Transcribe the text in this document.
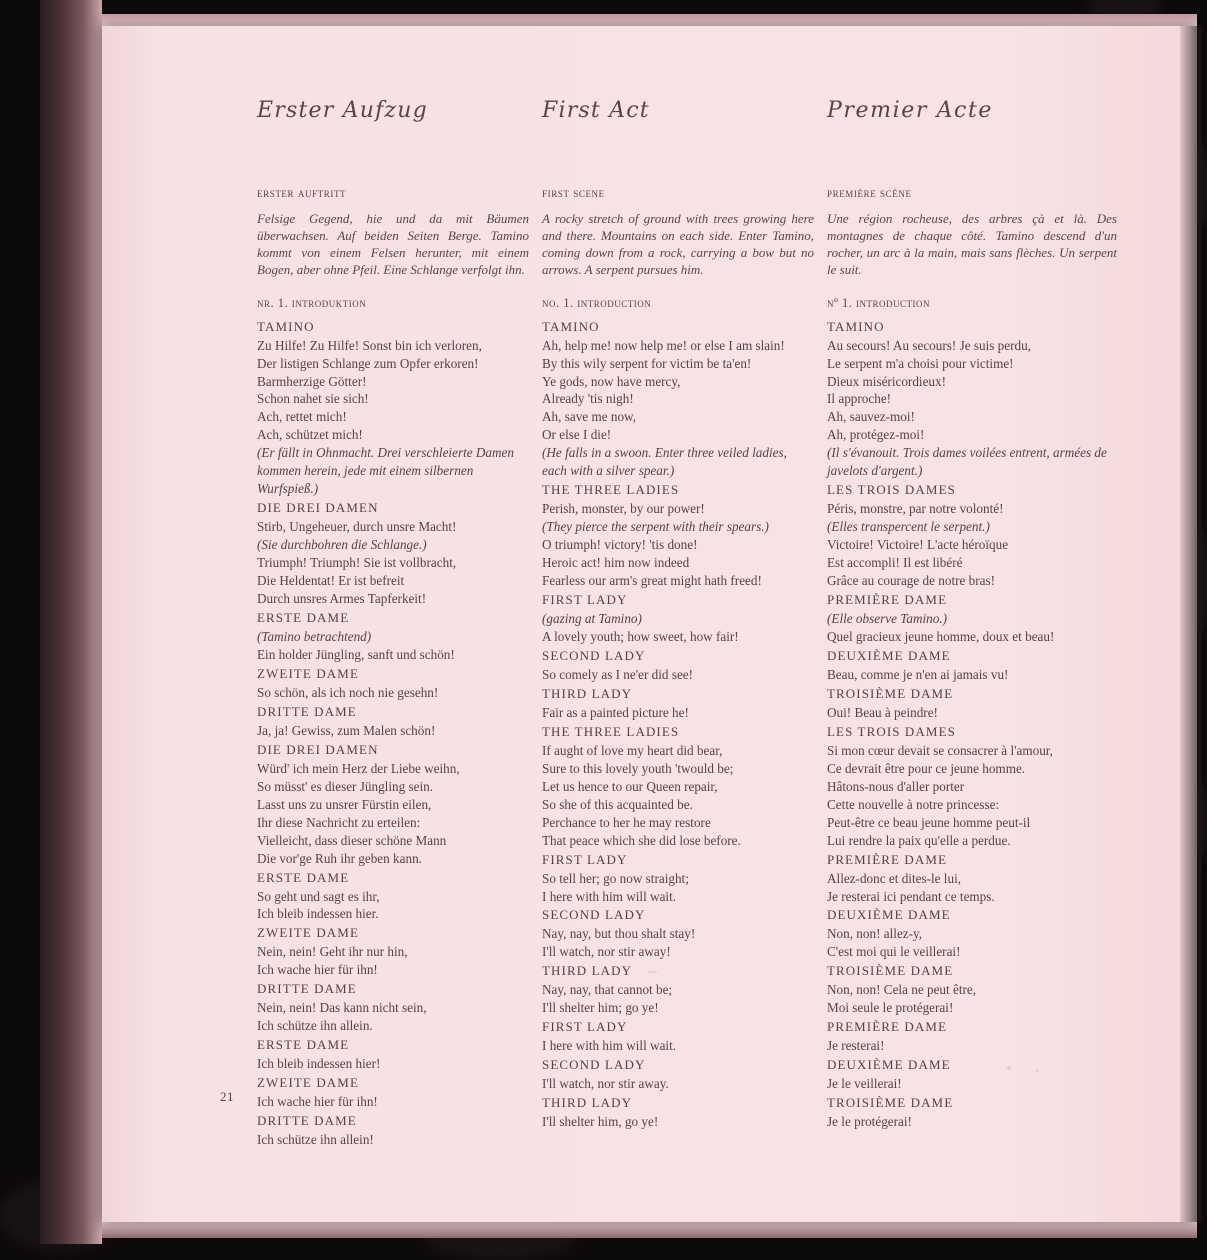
Erster Aufzug
erster auftritt
Felsige Gegend, hie und da mit Bäumen überwachsen. Auf beiden Seiten Berge. Tamino kommt von einem Felsen herunter, mit einem Bogen, aber ohne Pfeil. Eine Schlange verfolgt ihn.
nr. 1. introduktion
TAMINO
Zu Hilfe! Zu Hilfe! Sonst bin ich verloren,
Der listigen Schlange zum Opfer erkoren!
Barmherzige Götter!
Schon nahet sie sich!
Ach, rettet mich!
Ach, schützet mich!
(Er fällt in Ohnmacht. Drei verschleierte Damen kommen herein, jede mit einem silbernen Wurfspieß.)
DIE DREI DAMEN
Stirb, Ungeheuer, durch unsre Macht!
(Sie durchbohren die Schlange.)
Triumph! Triumph! Sie ist vollbracht,
Die Heldentat! Er ist befreit
Durch unsres Armes Tapferkeit!
ERSTE DAME
(Tamino betrachtend)
Ein holder Jüngling, sanft und schön!
ZWEITE DAME
So schön, als ich noch nie gesehn!
DRITTE DAME
Ja, ja! Gewiss, zum Malen schön!
DIE DREI DAMEN
Würd' ich mein Herz der Liebe weihn,
So müsst' es dieser Jüngling sein.
Lasst uns zu unsrer Fürstin eilen,
Ihr diese Nachricht zu erteilen:
Vielleicht, dass dieser schöne Mann
Die vor'ge Ruh ihr geben kann.
ERSTE DAME
So geht und sagt es ihr,
Ich bleib indessen hier.
ZWEITE DAME
Nein, nein! Geht ihr nur hin,
Ich wache hier für ihn!
DRITTE DAME
Nein, nein! Das kann nicht sein,
Ich schütze ihn allein.
ERSTE DAME
Ich bleib indessen hier!
ZWEITE DAME
Ich wache hier für ihn!
DRITTE DAME
Ich schütze ihn allein!
First Act
first scene
A rocky stretch of ground with trees growing here and there. Mountains on each side. Enter Tamino, coming down from a rock, carrying a bow but no arrows. A serpent pursues him.
no. 1. introduction
TAMINO
Ah, help me! now help me! or else I am slain!
By this wily serpent for victim be ta'en!
Ye gods, now have mercy,
Already 'tis nigh!
Ah, save me now,
Or else I die!
(He falls in a swoon. Enter three veiled ladies, each with a silver spear.)
THE THREE LADIES
Perish, monster, by our power!
(They pierce the serpent with their spears.)
O triumph! victory! 'tis done!
Heroic act! him now indeed
Fearless our arm's great might hath freed!
FIRST LADY
(gazing at Tamino)
A lovely youth; how sweet, how fair!
SECOND LADY
So comely as I ne'er did see!
THIRD LADY
Fair as a painted picture he!
THE THREE LADIES
If aught of love my heart did bear,
Sure to this lovely youth 'twould be;
Let us hence to our Queen repair,
So she of this acquainted be.
Perchance to her he may restore
That peace which she did lose before.
FIRST LADY
So tell her; go now straight;
I here with him will wait.
SECOND LADY
Nay, nay, but thou shalt stay!
I'll watch, nor stir away!
THIRD LADY
Nay, nay, that cannot be;
I'll shelter him; go ye!
FIRST LADY
I here with him will wait.
SECOND LADY
I'll watch, nor stir away.
THIRD LADY
I'll shelter him, go ye!
Premier Acte
première scène
Une région rocheuse, des arbres çà et là. Des montagnes de chaque côté. Tamino descend d'un rocher, un arc à la main, mais sans flèches. Un serpent le suit.
nº 1. introduction
TAMINO
Au secours! Au secours! Je suis perdu,
Le serpent m'a choisi pour victime!
Dieux miséricordieux!
Il approche!
Ah, sauvez-moi!
Ah, protégez-moi!
(Il s'évanouit. Trois dames voilées entrent, armées de javelots d'argent.)
LES TROIS DAMES
Péris, monstre, par notre volonté!
(Elles transpercent le serpent.)
Victoire! Victoire! L'acte héroïque
Est accompli! Il est libéré
Grâce au courage de notre bras!
PREMIÈRE DAME
(Elle observe Tamino.)
Quel gracieux jeune homme, doux et beau!
DEUXIÈME DAME
Beau, comme je n'en ai jamais vu!
TROISIÈME DAME
Oui! Beau à peindre!
LES TROIS DAMES
Si mon cœur devait se consacrer à l'amour,
Ce devrait être pour ce jeune homme.
Hâtons-nous d'aller porter
Cette nouvelle à notre princesse:
Peut-être ce beau jeune homme peut-il
Lui rendre la paix qu'elle a perdue.
PREMIÈRE DAME
Allez-donc et dites-le lui,
Je resterai ici pendant ce temps.
DEUXIÈME DAME
Non, non! allez-y,
C'est moi qui le veillerai!
TROISIÈME DAME
Non, non! Cela ne peut être,
Moi seule le protégerai!
PREMIÈRE DAME
Je resterai!
DEUXIÈME DAME
Je le veillerai!
TROISIÈME DAME
Je le protégerai!
21
